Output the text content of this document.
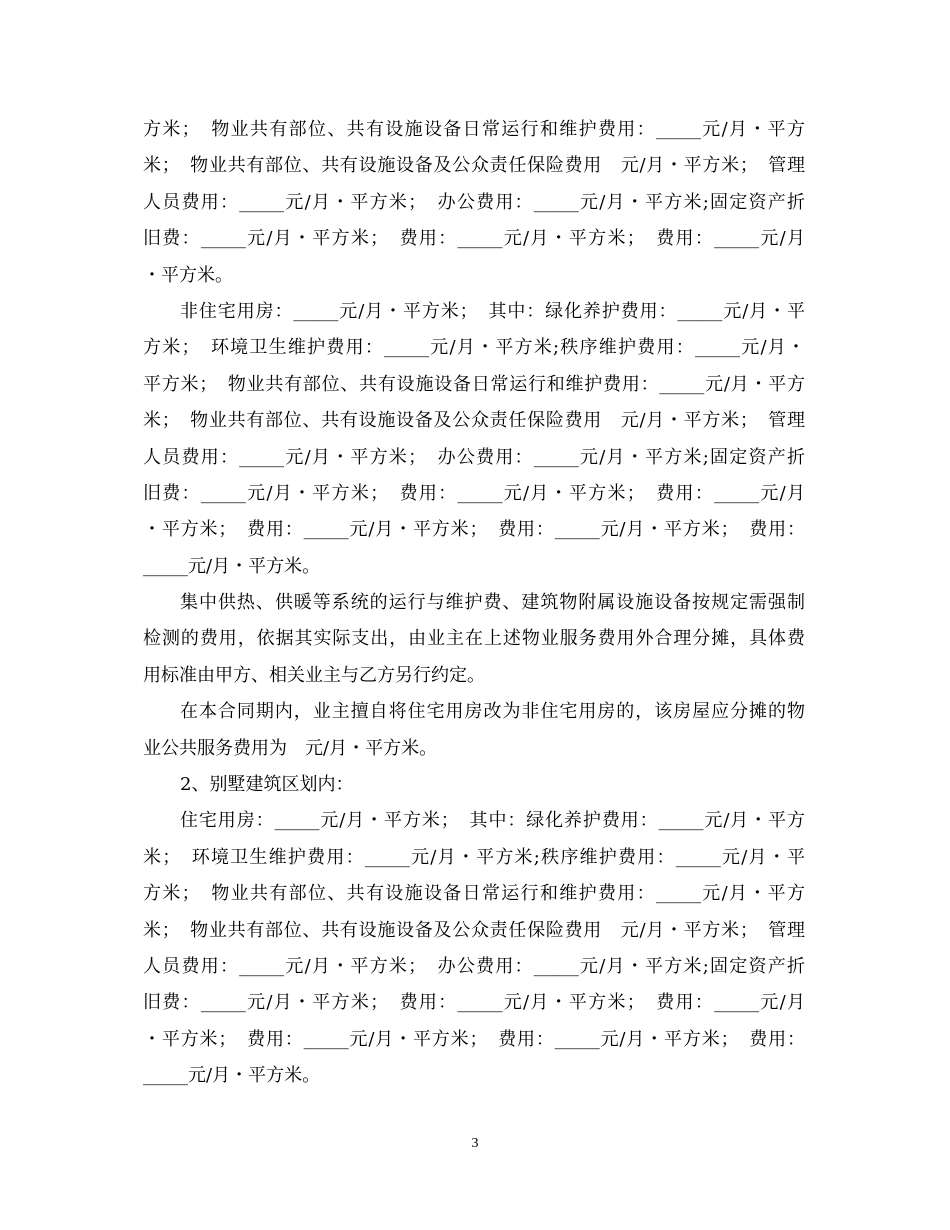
方米；　物业共有部位、共有设施设备日常运行和维护费用：_____元/月・平方
米；　物业共有部位、共有设施设备及公众责任保险费用　元/月・平方米；　管理
人员费用：_____元/月・平方米；　办公费用：_____元/月・平方米;固定资产折
旧费：_____元/月・平方米；　费用：_____元/月・平方米；　费用：_____元/月
・平方米。
非住宅用房：_____元/月・平方米；　其中：绿化养护费用：_____元/月・平
方米；　环境卫生维护费用：_____元/月・平方米;秩序维护费用：_____元/月・
平方米；　物业共有部位、共有设施设备日常运行和维护费用：_____元/月・平方
米；　物业共有部位、共有设施设备及公众责任保险费用　元/月・平方米；　管理
人员费用：_____元/月・平方米；　办公费用：_____元/月・平方米;固定资产折
旧费：_____元/月・平方米；　费用：_____元/月・平方米；　费用：_____元/月
・平方米；　费用：_____元/月・平方米；　费用：_____元/月・平方米；　费用：
_____元/月・平方米。
集中供热、供暖等系统的运行与维护费、建筑物附属设施设备按规定需强制
检测的费用，依据其实际支出，由业主在上述物业服务费用外合理分摊，具体费
用标准由甲方、相关业主与乙方另行约定。
在本合同期内，业主擅自将住宅用房改为非住宅用房的，该房屋应分摊的物
业公共服务费用为　元/月・平方米。
2、别墅建筑区划内：
住宅用房：_____元/月・平方米；　其中：绿化养护费用：_____元/月・平方
米；　环境卫生维护费用：_____元/月・平方米;秩序维护费用：_____元/月・平
方米；　物业共有部位、共有设施设备日常运行和维护费用：_____元/月・平方
米；　物业共有部位、共有设施设备及公众责任保险费用　元/月・平方米；　管理
人员费用：_____元/月・平方米；　办公费用：_____元/月・平方米;固定资产折
旧费：_____元/月・平方米；　费用：_____元/月・平方米；　费用：_____元/月
・平方米；　费用：_____元/月・平方米；　费用：_____元/月・平方米；　费用：
_____元/月・平方米。
3
